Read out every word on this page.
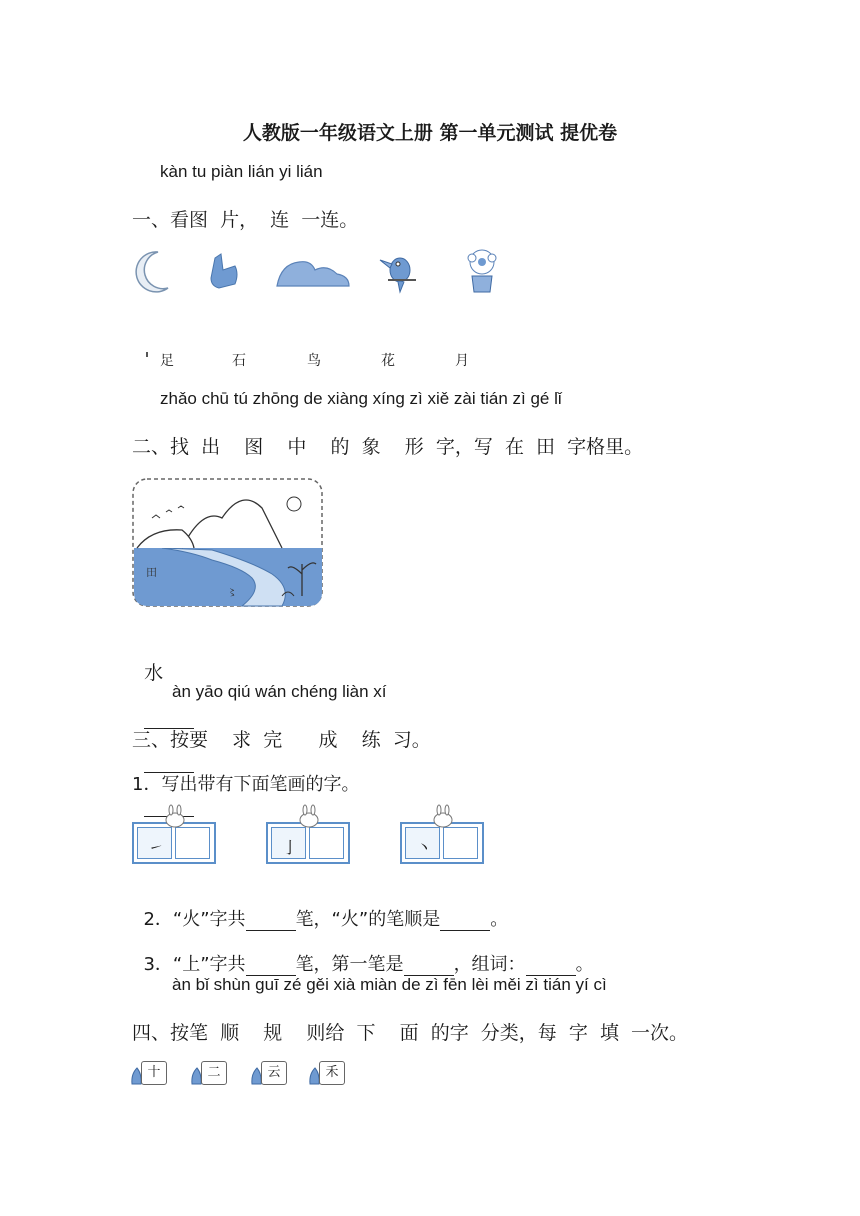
人教版一年级语文上册 第一单元测试 提优卷
kàn tu piàn lián yi lián
一、看图  片，  连  一连。
足	石	鸟	花	月
zhǎo chū tú zhōng de xiàng xíng zì xiě zài tián zì gé lǐ
二、找  出    图    中    的  象    形  字，写  在  田  字格里。
田
〻

水

àn yāo qiú wán chéng liàn xí
三、按要    求  完      成    练  习。
1．写出带有下面笔画的字。
㇀	亅	丶

2．“火”字共	笔，“火”的笔顺是	。

3．“上”字共	笔，第一笔是	，组词：	。

àn bǐ shùn guī zé gěi xià miàn de zì fēn lèi měi zì tián yí cì
四、按笔  顺    规    则给  下    面  的字  分类，每  字  填  一次。
十	二	云	禾
